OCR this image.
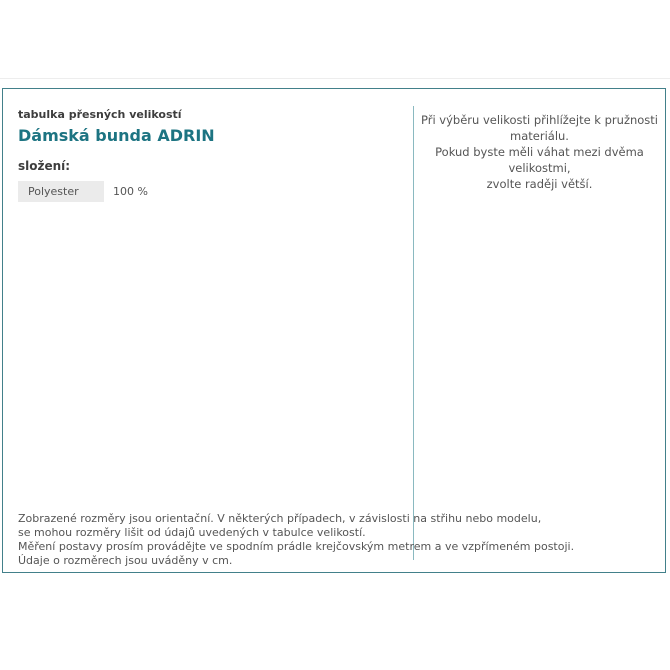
tabulka přesných velikostí
Dámská bunda ADRIN
složení:
Polyester	100 %
Při výběru velikosti přihlížejte k pružnosti materiálu.
Pokud byste měli váhat mezi dvěma velikostmi,
zvolte raději větší.
Zobrazené rozměry jsou orientační. V některých případech, v závislosti na střihu nebo modelu,
se mohou rozměry lišit od údajů uvedených v tabulce velikostí.
Měření postavy prosím provádějte ve spodním prádle krejčovským metrem a ve vzpřímeném postoji.
Údaje o rozměrech jsou uváděny v cm.
